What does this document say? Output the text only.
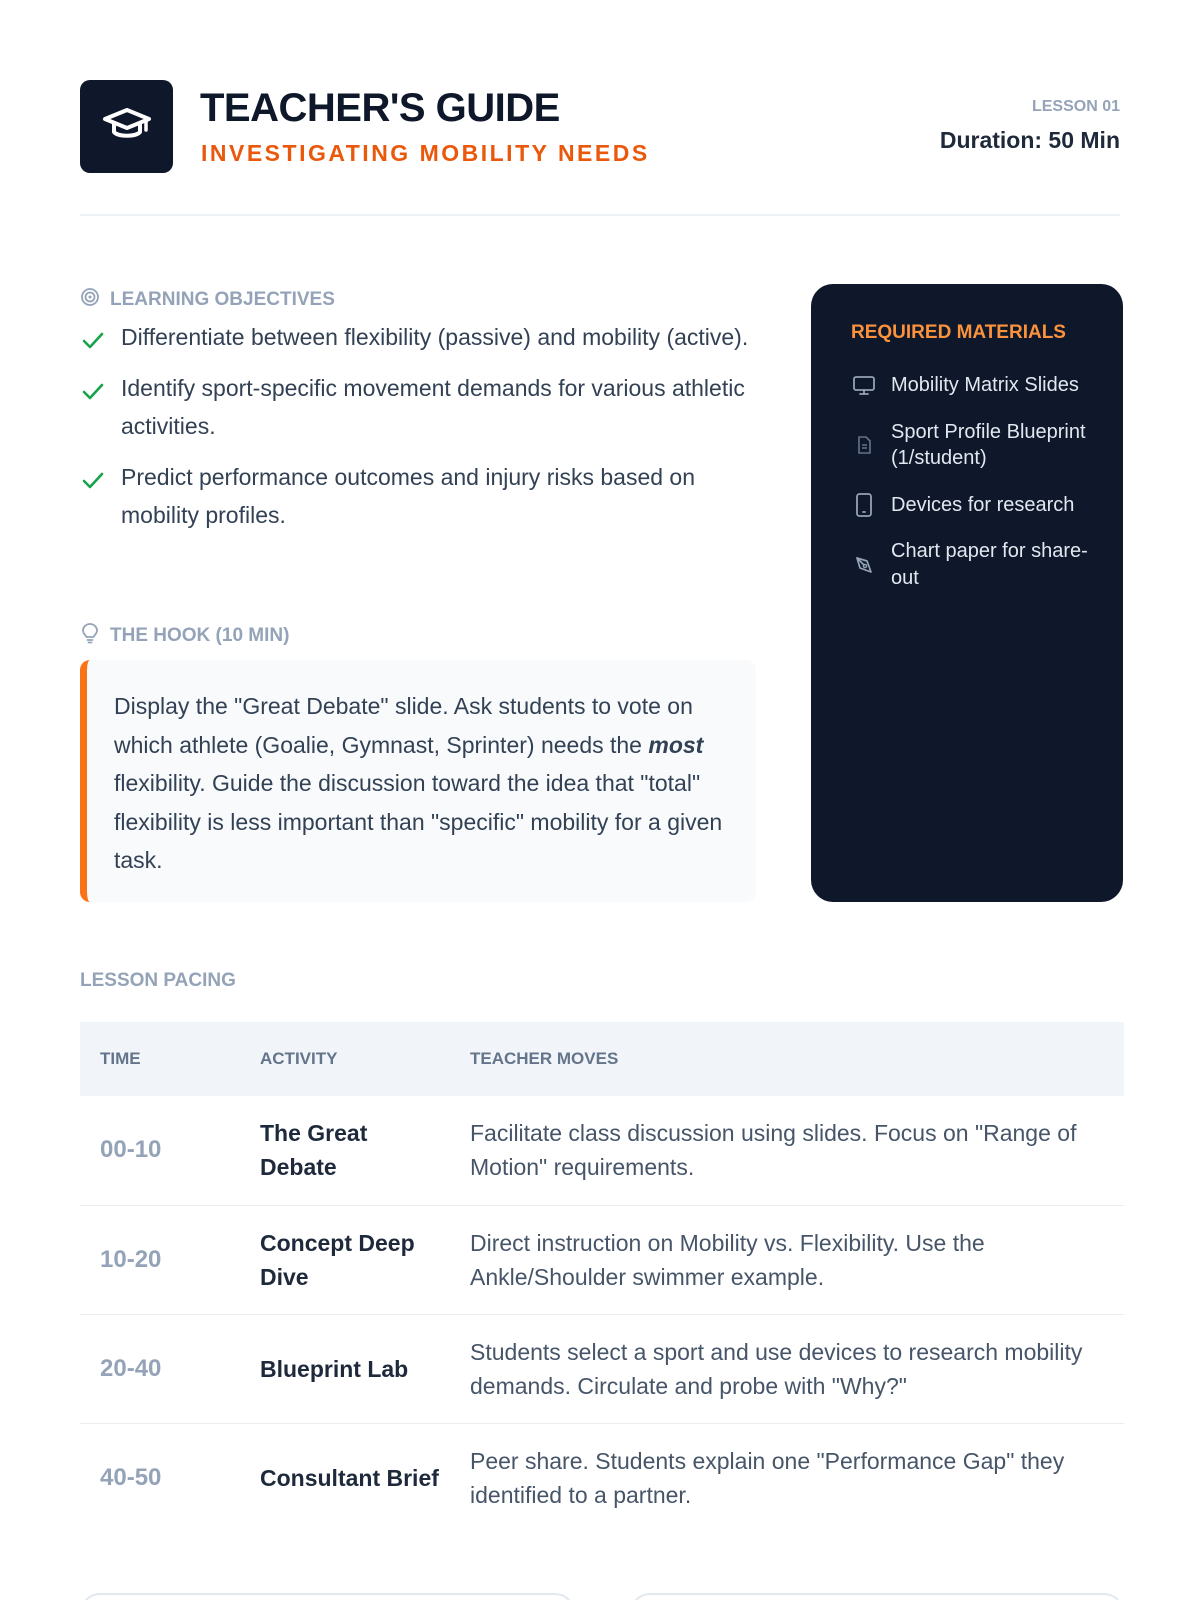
TEACHER'S GUIDE
INVESTIGATING MOBILITY NEEDS
LESSON 01
Duration: 50 Min
LEARNING OBJECTIVES
Differentiate between flexibility (passive) and mobility (active).
Identify sport-specific movement demands for various athletic activities.
Predict performance outcomes and injury risks based on mobility profiles.
THE HOOK (10 MIN)
Display the "Great Debate" slide. Ask students to vote on which athlete (Goalie, Gymnast, Sprinter) needs the most flexibility. Guide the discussion toward the idea that "total" flexibility is less important than "specific" mobility for a given task.
REQUIRED MATERIALS
Mobility Matrix Slides
Sport Profile Blueprint (1/student)
Devices for research
Chart paper for share-out
LESSON PACING
TIME	ACTIVITY	TEACHER MOVES
00-10	The Great Debate	Facilitate class discussion using slides. Focus on "Range of Motion" requirements.
10-20	Concept Deep Dive	Direct instruction on Mobility vs. Flexibility. Use the Ankle/Shoulder swimmer example.
20-40	Blueprint Lab	Students select a sport and use devices to research mobility demands. Circulate and probe with "Why?"
40-50	Consultant Brief	Peer share. Students explain one "Performance Gap" they identified to a partner.
